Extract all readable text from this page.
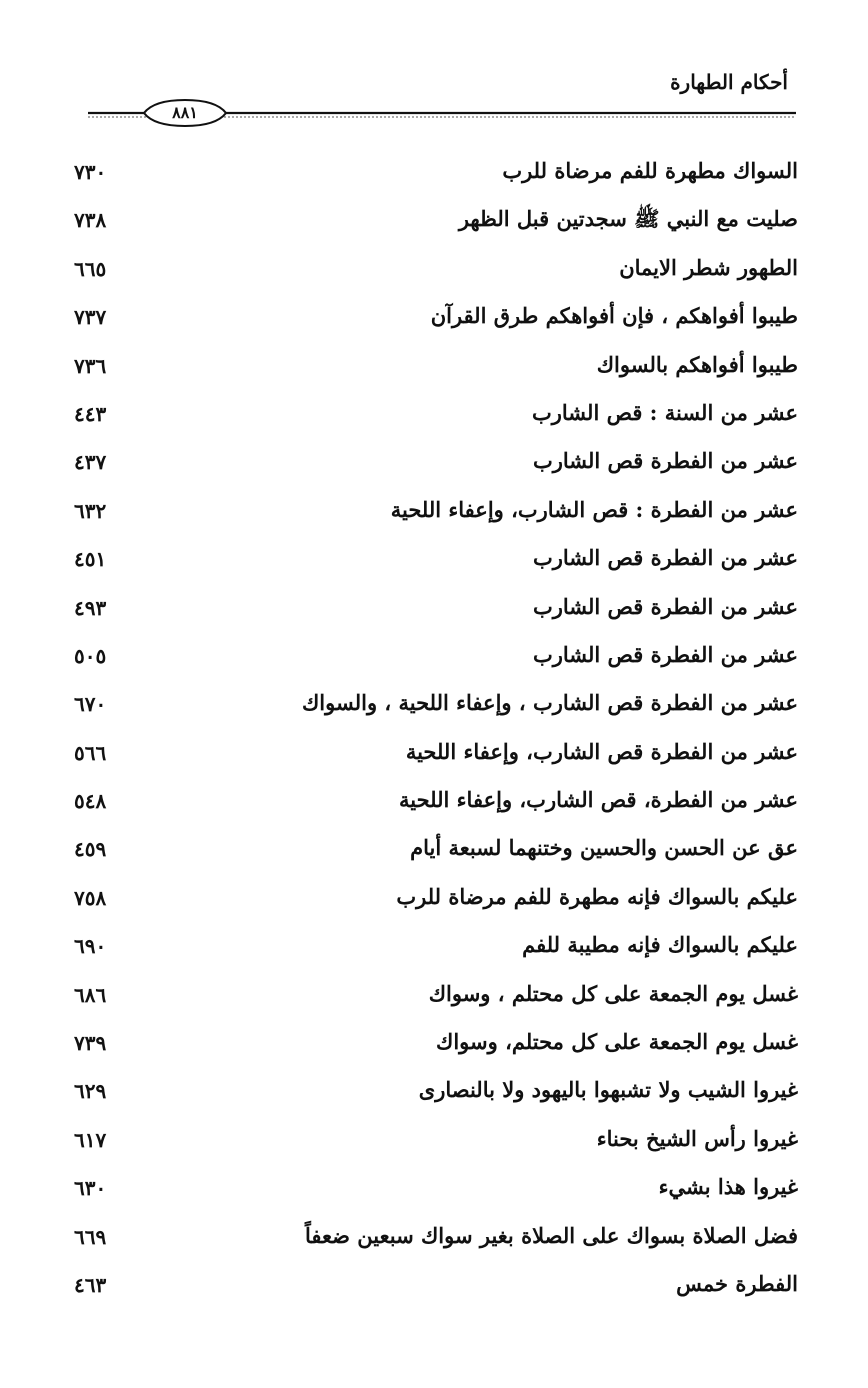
أحكام الطهارة
٨٨١
السواك مطهرة للفم مرضاة للرب
٧٣٠
صليت مع النبي ﷺ سجدتين قبل الظهر
٧٣٨
الطهور شطر الايمان
٦٦٥
طيبوا أفواهكم ، فإن أفواهكم طرق القرآن
٧٣٧
طيبوا أفواهكم بالسواك
٧٣٦
عشر من السنة : قص الشارب
٤٤٣
عشر من الفطرة قص الشارب
٤٣٧
عشر من الفطرة : قص الشارب، وإعفاء اللحية
٦٣٢
عشر من الفطرة قص الشارب
٤٥١
عشر من الفطرة قص الشارب
٤٩٣
عشر من الفطرة قص الشارب
٥٠٥
عشر من الفطرة قص الشارب ، وإعفاء اللحية ، والسواك
٦٧٠
عشر من الفطرة قص الشارب، وإعفاء اللحية
٥٦٦
عشر من الفطرة، قص الشارب، وإعفاء اللحية
٥٤٨
عق عن الحسن والحسين وختنهما لسبعة أيام
٤٥٩
عليكم بالسواك فإنه مطهرة للفم مرضاة للرب
٧٥٨
عليكم بالسواك فإنه مطيبة للفم
٦٩٠
غسل يوم الجمعة على كل محتلم ، وسواك
٦٨٦
غسل يوم الجمعة على كل محتلم، وسواك
٧٣٩
غيروا الشيب ولا تشبهوا باليهود ولا بالنصارى
٦٢٩
غيروا رأس الشيخ بحناء
٦١٧
غيروا هذا بشيء
٦٣٠
فضل الصلاة بسواك على الصلاة بغير سواك سبعين ضعفاً
٦٦٩
الفطرة خمس
٤٦٣
